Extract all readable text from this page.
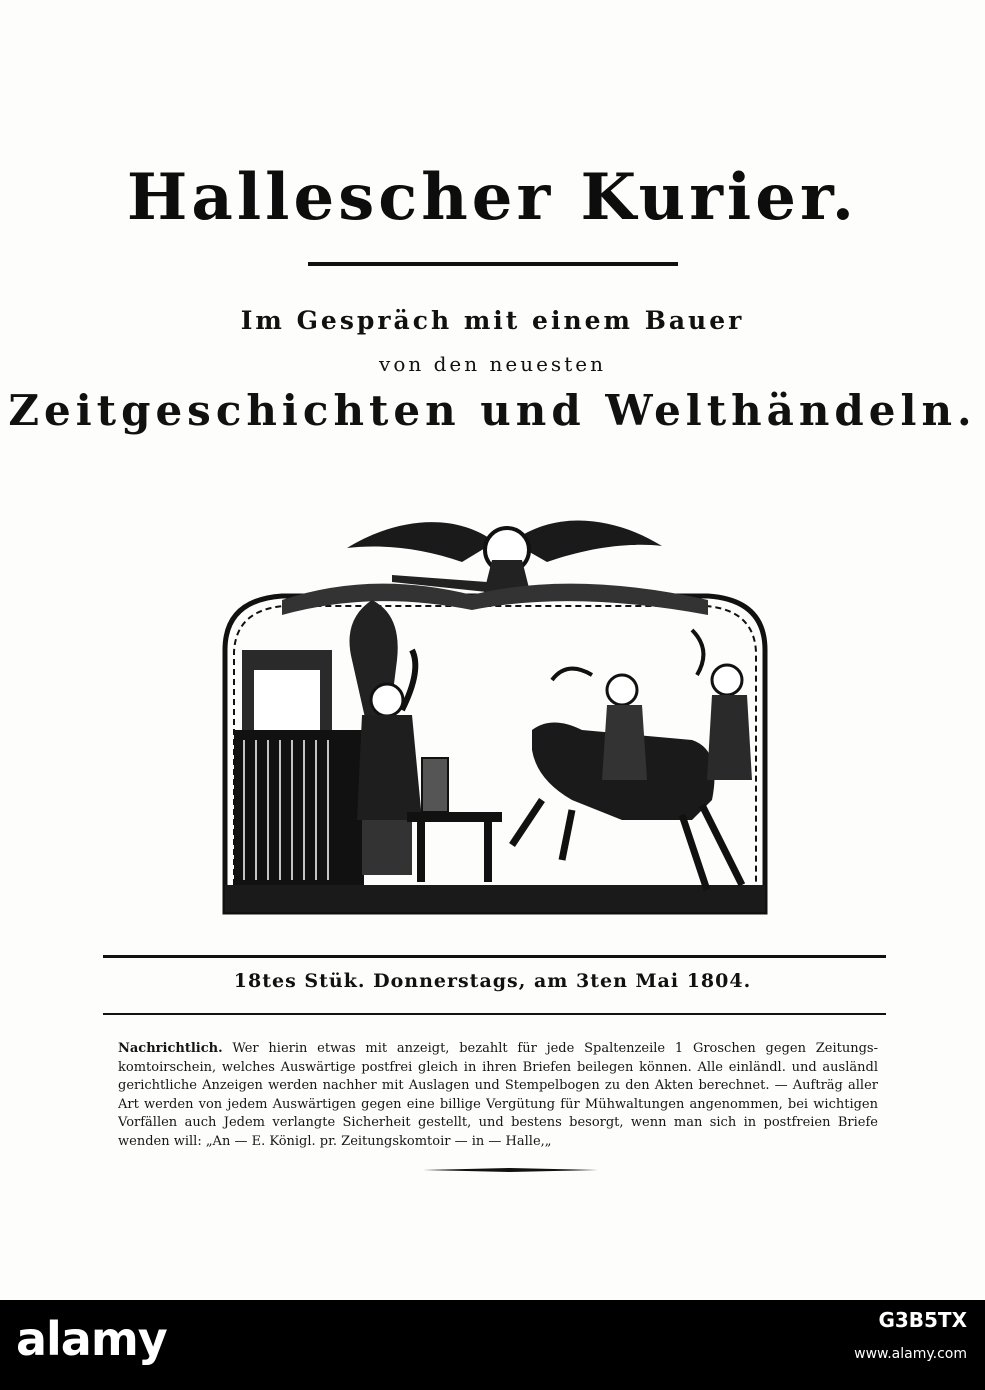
Hallescher Kurier.
Im Gespräch mit einem Bauer
von den neuesten
Zeitgeschichten und Welthändeln.
18tes Stük. Donnerstags, am 3ten Mai 1804.

Nachrichtlich. Wer hierin etwas mit anzeigt, bezahlt für jede Spaltenzeile 1 Groschen gegen Zeitungs-komtoirschein, welches Auswärtige postfrei gleich in ihren Briefen beilegen können. Alle einländl. und ausländl gerichtliche Anzeigen werden nachher mit Auslagen und Stempelbogen zu den Akten berechnet. — Aufträg aller Art werden von jedem Auswärtigen gegen eine billige Vergütung für Mühwaltungen angenommen, bei wichtigen Vorfällen auch Jedem verlangte Sicherheit gestellt, und bestens besorgt, wenn man sich in postfreien Briefe wenden will: „An — E. Königl. pr. Zeitungskomtoir — in — Halle,„

alamy	G3B5TX
www.alamy.com
